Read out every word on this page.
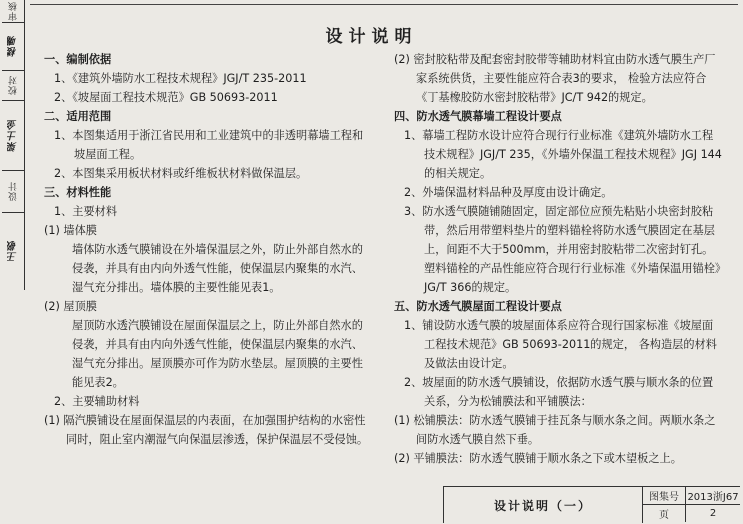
审核
楼嘴
校对
梁士金
设计
王敬
设计说明

一、编制依据

1、《建筑外墙防水工程技术规程》JGJ/T 235-2011

2、《坡屋面工程技术规范》GB 50693-2011

二、适用范围

1、本图集适用于浙江省民用和工业建筑中的非透明幕墙工程和坡屋面工程。

2、本图集采用板状材料或纤维板状材料做保温层。

三、材料性能

1、主要材料

(1) 墙体膜

墙体防水透气膜铺设在外墙保温层之外，防止外部自然水的侵袭，并具有由内向外透气性能，使保温层内聚集的水汽、湿气充分排出。墙体膜的主要性能见表1。

(2) 屋顶膜

屋顶防水透汽膜铺设在屋面保温层之上，防止外部自然水的侵袭，并具有由内向外透气性能，使保温层内聚集的水汽、湿气充分排出。屋顶膜亦可作为防水垫层。屋顶膜的主要性能见表2。

2、主要辅助材料

(1) 隔汽膜铺设在屋面保温层的内表面，在加强围护结构的水密性同时，阻止室内潮湿气向保温层渗透，保护保温层不受侵蚀。

(2) 密封胶粘带及配套密封胶带等辅助材料宜由防水透气膜生产厂家系统供货，主要性能应符合表3的要求， 检验方法应符合《丁基橡胶防水密封胶粘带》JC/T 942的规定。

四、防水透气膜幕墙工程设计要点

1、幕墙工程防水设计应符合现行行业标准《建筑外墙防水工程技术规程》JGJ/T 235，《外墙外保温工程技术规程》JGJ 144的相关规定。

2、外墙保温材料品种及厚度由设计确定。

3、防水透气膜随铺随固定，固定部位应预先粘贴小块密封胶粘带，然后用带塑料垫片的塑料锚栓将防水透气膜固定在基层上，间距不大于500mm，并用密封胶粘带二次密封钉孔。塑料锚栓的产品性能应符合现行行业标准《外墙保温用锚栓》JG/T 366的规定。

五、防水透气膜屋面工程设计要点

1、铺设防水透气膜的坡屋面体系应符合现行国家标准《坡屋面工程技术规范》GB 50693-2011的规定， 各构造层的材料及做法由设计定。

2、坡屋面的防水透气膜铺设，依据防水透气膜与顺水条的位置关系，分为松铺膜法和平铺膜法：

(1) 松铺膜法：防水透气膜铺于挂瓦条与顺水条之间。两顺水条之间防水透气膜自然下垂。

(2) 平铺膜法：防水透气膜铺于顺水条之下或木望板之上。

设计说明（一）
图集号 2013浙J67
页	2
